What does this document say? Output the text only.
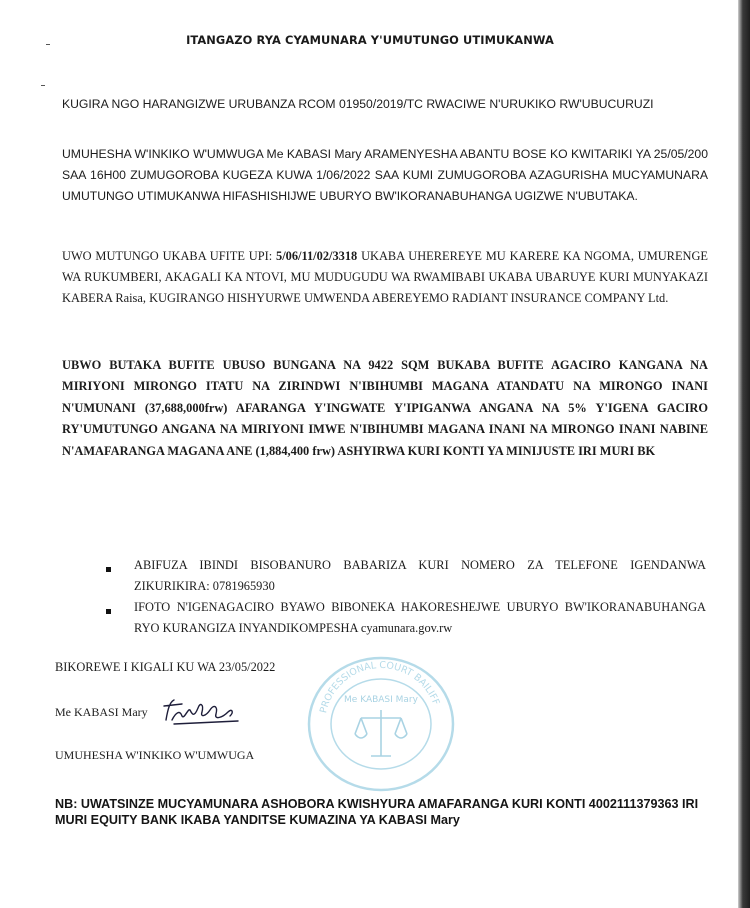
ITANGAZO RYA CYAMUNARA Y'UMUTUNGO UTIMUKANWA
KUGIRA NGO HARANGIZWE URUBANZA RCOM 01950/2019/TC RWACIWE N'URUKIKO RW'UBUCURUZI
UMUHESHA W'INKIKO W'UMWUGA Me KABASI Mary ARAMENYESHA ABANTU BOSE KO KWITARIKI YA 25/05/200 SAA 16H00 ZUMUGOROBA KUGEZA KUWA 1/06/2022 SAA KUMI ZUMUGOROBA AZAGURISHA MUCYAMUNARA UMUTUNGO UTIMUKANWA HIFASHISHIJWE UBURYO BW'IKORANABUHANGA UGIZWE N'UBUTAKA.
UWO MUTUNGO UKABA UFITE UPI: 5/06/11/02/3318 UKABA UHEREREYE MU KARERE KA NGOMA, UMURENGE WA RUKUMBERI, AKAGALI KA NTOVI, MU MUDUGUDU WA RWAMIBABI UKABA UBARUYE KURI MUNYAKAZI KABERA Raisa, KUGIRANGO HISHYURWE UMWENDA ABEREYEMO RADIANT INSURANCE COMPANY Ltd.
UBWO BUTAKA BUFITE UBUSO BUNGANA NA 9422 SQM BUKABA BUFITE AGACIRO KANGANA NA MIRIYONI MIRONGO ITATU NA ZIRINDWI N'IBIHUMBI MAGANA ATANDATU NA MIRONGO INANI N'UMUNANI (37,688,000frw) AFARANGA Y'INGWATE Y'IPIGANWA ANGANA NA 5% Y'IGENA GACIRO RY'UMUTUNGO ANGANA NA MIRIYONI IMWE N'IBIHUMBI MAGANA INANI NA MIRONGO INANI NABINE N'AMAFARANGA MAGANA ANE (1,884,400 frw) ASHYIRWA KURI KONTI YA MINIJUSTE IRI MURI BK
ABIFUZA IBINDI BISOBANURO BABARIZA KURI NOMERO ZA TELEFONE IGENDANWA ZIKURIKIRA: 0781965930
IFOTO N'IGENAGACIRO BYAWO BIBONEKA HAKORESHEJWE UBURYO BW'IKORANABUHANGA RYO KURANGIZA INYANDIKOMPESHA cyamunara.gov.rw
PROFESSIONAL COURT BAILIFF
Me KABASI Mary
BIKOREWE I KIGALI KU WA 23/05/2022
Me KABASI Mary
UMUHESHA W'INKIKO W'UMWUGA
NB: UWATSINZE MUCYAMUNARA ASHOBORA KWISHYURA AMAFARANGA KURI KONTI 4002111379363 IRI MURI EQUITY BANK IKABA YANDITSE KUMAZINA YA KABASI Mary
